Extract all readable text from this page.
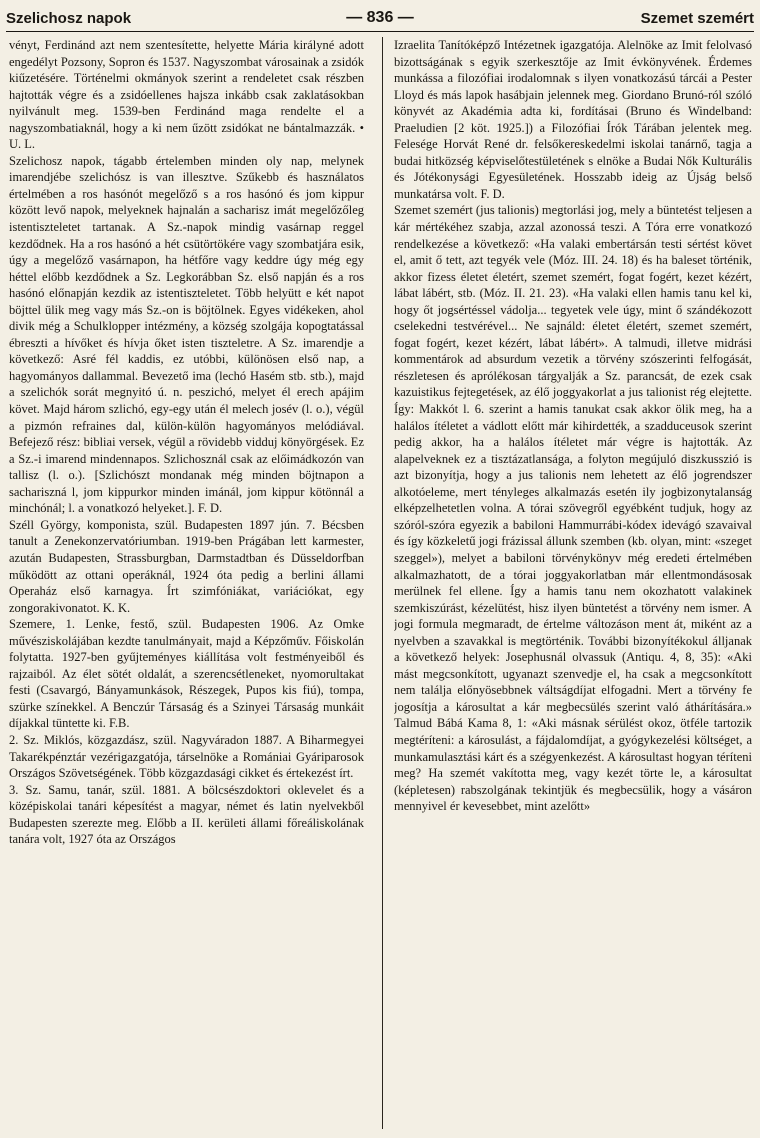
Szelichosz napok	— 836 —	Szemet szemért

vényt, Ferdinánd azt nem szentesítette, helyette Mária királyné adott engedélyt Pozsony, Sopron és 1537. Nagyszombat városainak a zsidók kiűzetésére. Történelmi okmányok szerint a rendeletet csak részben hajtották végre és a zsidóellenes hajsza inkább csak zaklatásokban nyilvánult meg. 1539-ben Ferdinánd maga rendelte el a nagyszombatiaknál, hogy a ki nem űzött zsidókat ne bántalmazzák. • U. L.

Szelichosz napok, tágabb értelemben minden oly nap, melynek imarendjébe szelichósz is van illesztve. Szűkebb és használatos értelmében a ros hasónót megelőző s a ros hasónó és jom kippur között levő napok, melyeknek hajnalán a sacharisz imát megelőzőleg istentiszteletet tartanak. A Sz.-napok mindig vasárnap reggel kezdődnek. Ha a ros hasónó a hét csütörtökére vagy szombatjára esik, úgy a megelőző vasárnapon, ha hétfőre vagy keddre úgy még egy héttel előbb kezdődnek a Sz. Legkorábban Sz. első napján és a ros hasónó előnapján kezdik az istentiszteletet. Több helyütt e két napot böjttel ülik meg vagy más Sz.-on is böjtölnek. Egyes vidékeken, ahol divik még a Schulklopper intézmény, a község szolgája kopogtatással ébreszti a hívőket és hívja őket isten tiszteletre. A Sz. imarendje a következő: Asré fél kaddis, ez utóbbi, különösen első nap, a hagyományos dallammal. Bevezető ima (lechó Hasém stb. stb.), majd a szelichók sorát megnyitó ú. n. peszichó, melyet él erech apájim követ. Majd három szlichó, egy-egy után él melech josév (l. o.), végül a pizmón refraines dal, külön-külön hagyományos melódiával. Befejező rész: bibliai versek, végül a rövidebb vidduj könyörgések. Ez a Sz.-i imarend mindennapos. Szlichosznál csak az előimádkozón van tallisz (l. o.). [Szlichószt mondanak még minden böjtnapon a sachariszná l, jom kippurkor minden imánál, jom kippur kötönnál a minchónál; l. a vonatkozó helyeket.]. F. D.

Széll György, komponista, szül. Budapesten 1897 jún. 7. Bécsben tanult a Zenekonzervatóriumban. 1919-ben Prágában lett karmester, azután Budapesten, Strassburgban, Darmstadtban és Düsseldorfban működött az ottani operáknál, 1924 óta pedig a berlini állami Operaház első karnagya. Írt szimfóniákat, variációkat, egy zongorakivonatot. K. K.

Szemere, 1. Lenke, festő, szül. Budapesten 1906. Az Omke művésziskolájában kezdte tanulmányait, majd a Képzőműv. Főiskolán folytatta. 1927-ben gyűjteményes kiállítása volt festményeiből és rajzaiból. Az élet sötét oldalát, a szerencsétleneket, nyomorultakat festi (Csavargó, Bányamunkások, Részegek, Pupos kis fiú), tompa, szürke színekkel. A Benczúr Társaság és a Szinyei Társaság munkáit díjakkal tüntette ki. F.B.

2. Sz. Miklós, közgazdász, szül. Nagyváradon 1887. A Biharmegyei Takarékpénztár vezérigazgatója, társelnöke a Romániai Gyáriparosok Országos Szövetségének. Több közgazdasági cikket és értekezést írt.

3. Sz. Samu, tanár, szül. 1881. A bölcsészdoktori oklevelet és a középiskolai tanári képesítést a magyar, német és latin nyelvekből Budapesten szerezte meg. Előbb a II. kerületi állami főreáliskolának tanára volt, 1927 óta az Országos

Izraelita Tanítóképző Intézetnek igazgatója. Alelnöke az Imit felolvasó bizottságának s egyik szerkesztője az Imit évkönyvének. Érdemes munkássa a filozófiai irodalomnak s ilyen vonatkozású tárcái a Pester Lloyd és más lapok hasábjain jelennek meg. Giordano Brunó-ról szóló könyvét az Akadémia adta ki, fordításai (Bruno és Windelband: Praeludien [2 köt. 1925.]) a Filozófiai Írók Tárában jelentek meg. Felesége Horvát René dr. felsőkereskedelmi iskolai tanárnő, tagja a budai hitközség képviselőtestületének s elnöke a Budai Nők Kulturális és Jótékonysági Egyesületének. Hosszabb ideig az Újság belső munkatársa volt. F. D.

Szemet szemért (jus talionis) megtorlási jog, mely a büntetést teljesen a kár mértékéhez szabja, azzal azonossá teszi. A Tóra erre vonatkozó rendelkezése a következő: «Ha valaki embertársán testi sértést követ el, amit ő tett, azt tegyék vele (Móz. III. 24. 18) és ha baleset történik, akkor fizess életet életért, szemet szemért, fogat fogért, kezet kézért, lábat lábért, stb. (Móz. II. 21. 23). «Ha valaki ellen hamis tanu kel ki, hogy őt jogsértéssel vádolja... tegyetek vele úgy, mint ő szándékozott cselekedni testvérével... Ne sajnáld: életet életért, szemet szemért, fogat fogért, kezet kézért, lábat lábért». A talmudi, illetve midrási kommentárok ad absurdum vezetik a törvény szószerinti felfogását, részletesen és aprólékosan tárgyalják a Sz. parancsát, de ezek csak kazuistikus fejtegetések, az élő joggyakorlat a jus talionist rég elejtette. Így: Makkót l. 6. szerint a hamis tanukat csak akkor ölik meg, ha a halálos ítéletet a vádlott előtt már kihirdették, a szadduceusok szerint pedig akkor, ha a halálos ítéletet már végre is hajtották. Az alapelveknek ez a tisztázatlansága, a folyton megújuló diszkusszió is azt bizonyítja, hogy a jus talionis nem lehetett az élő jogrendszer alkotóeleme, mert tényleges alkalmazás esetén ily jogbizonytalanság elképzelhetetlen volna. A tórai szövegről egyébként tudjuk, hogy az szóról-szóra egyezik a babiloni Hammurrábi-kódex idevágó szavaival és így közkeletű jogi frázissal állunk szemben (kb. olyan, mint: «szeget szeggel»), melyet a babiloni törvénykönyv még eredeti értelmében alkalmazhatott, de a tórai joggyakorlatban már ellentmondásosak merülnek fel ellene. Így a hamis tanu nem okozhatott valakinek szemkiszúrást, kézelütést, hisz ilyen büntetést a törvény nem ismer. A jogi formula megmaradt, de értelme változáson ment át, miként az a nyelvben a szavakkal is megtörténik. További bizonyítékokul álljanak a következő helyek: Josephusnál olvassuk (Antiqu. 4, 8, 35): «Aki mást megcsonkított, ugyanazt szenvedje el, ha csak a megcsonkított nem találja előnyösebbnek váltságdíjat elfogadni. Mert a törvény fe jogosítja a károsultat a kár megbecsülés szerint való áthárítására.» Talmud Bábá Kama 8, 1: «Aki másnak sérülést okoz, ötféle tartozik megtéríteni: a károsulást, a fájdalomdíjat, a gyógykezelési költséget, a munkamulasztási kárt és a szégyenkezést. A károsultast hogyan téríteni meg? Ha szemét vakította meg, vagy kezét törte le, a károsultat (képletesen) rabszolgának tekintjük és megbecsülik, hogy a vásáron mennyivel ér kevesebbet, mint azelőtt»
